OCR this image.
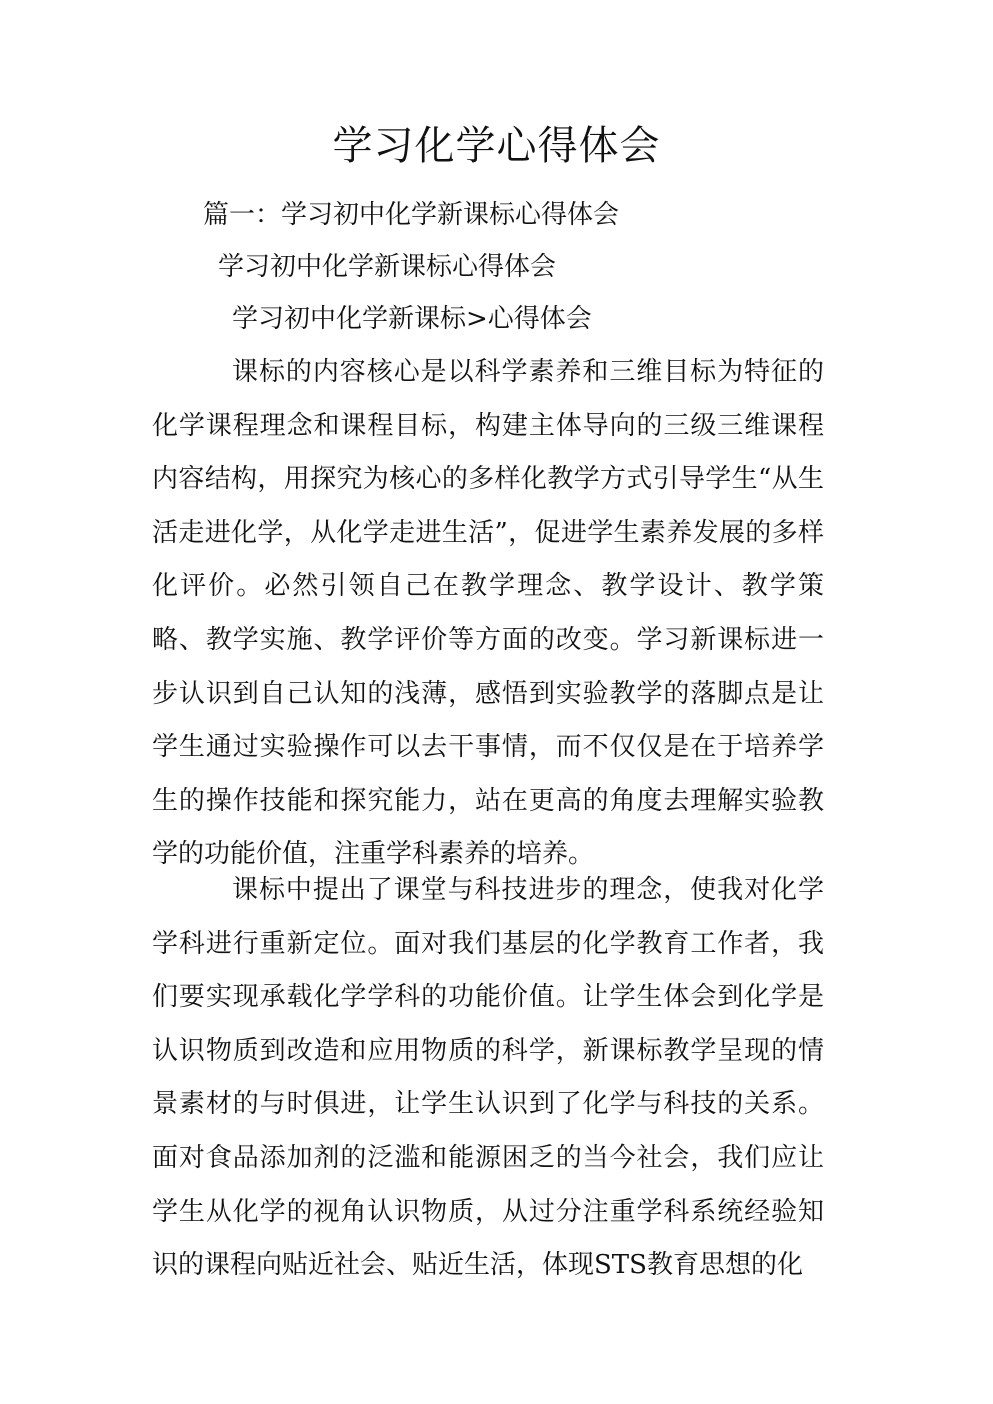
学习化学心得体会

篇一：学习初中化学新课标心得体会

学习初中化学新课标心得体会

学习初中化学新课标>心得体会

课标的内容核心是以科学素养和三维目标为特征的化学课程理念和课程目标，构建主体导向的三级三维课程内容结构，用探究为核心的多样化教学方式引导学生“从生活走进化学，从化学走进生活”，促进学生素养发展的多样化评价。必然引领自己在教学理念、教学设计、教学策略、教学实施、教学评价等方面的改变。学习新课标进一步认识到自己认知的浅薄，感悟到实验教学的落脚点是让学生通过实验操作可以去干事情，而不仅仅是在于培养学生的操作技能和探究能力，站在更高的角度去理解实验教学的功能价值，注重学科素养的培养。

课标中提出了课堂与科技进步的理念，使我对化学学科进行重新定位。面对我们基层的化学教育工作者，我们要实现承载化学学科的功能价值。让学生体会到化学是认识物质到改造和应用物质的科学，新课标教学呈现的情景素材的与时俱进，让学生认识到了化学与科技的关系。面对食品添加剂的泛滥和能源困乏的当今社会，我们应让学生从化学的视角认识物质，从过分注重学科系统经验知识的课程向贴近社会、贴近生活，体现STS教育思想的化
